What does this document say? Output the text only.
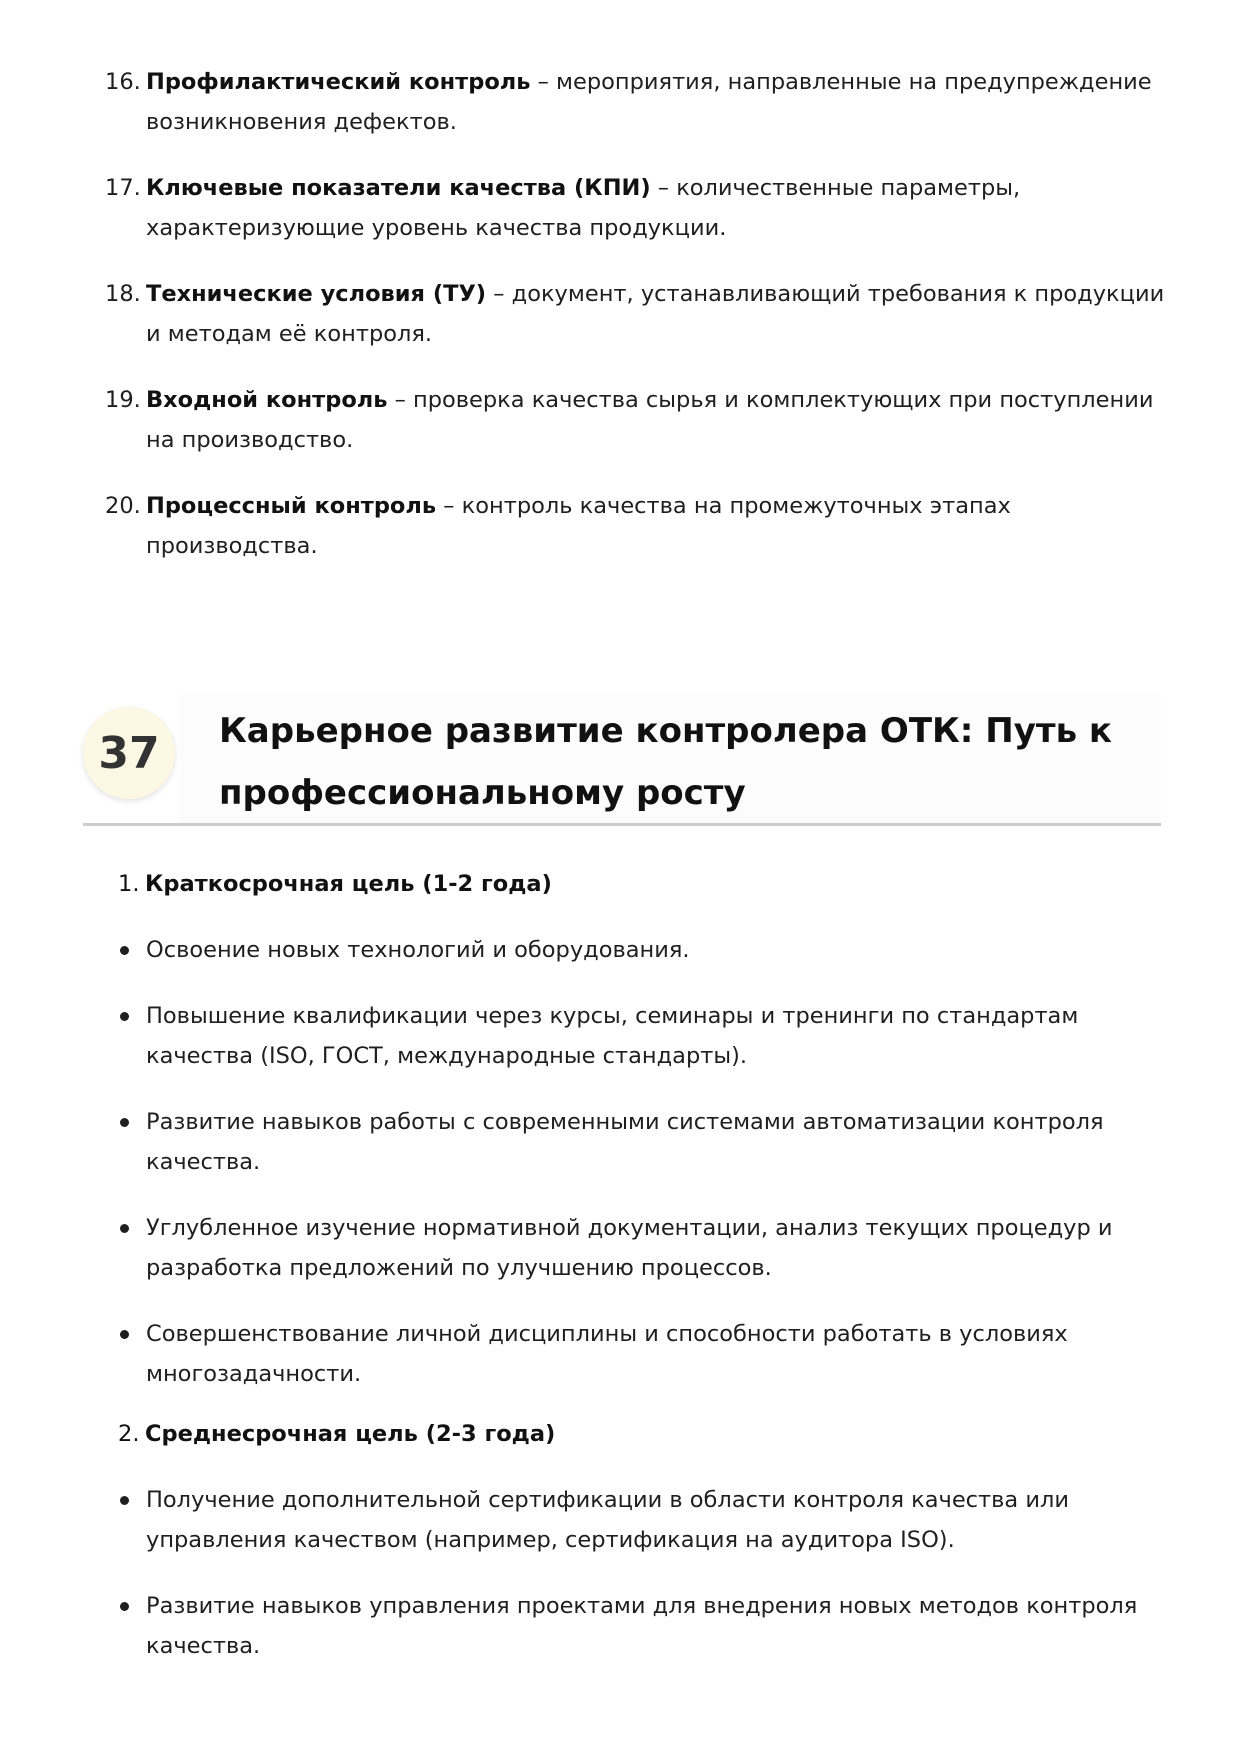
16. Профилактический контроль – мероприятия, направленные на предупреждение возникновения дефектов.
17. Ключевые показатели качества (КПИ) – количественные параметры, характеризующие уровень качества продукции.
18. Технические условия (ТУ) – документ, устанавливающий требования к продукции и методам её контроля.
19. Входной контроль – проверка качества сырья и комплектующих при поступлении на производство.
20. Процессный контроль – контроль качества на промежуточных этапах производства.
37	Карьерное развитие контролера ОТК: Путь к профессиональному росту
1. Краткосрочная цель (1-2 года)
Освоение новых технологий и оборудования.
Повышение квалификации через курсы, семинары и тренинги по стандартам качества (ISO, ГОСТ, международные стандарты).
Развитие навыков работы с современными системами автоматизации контроля качества.
Углубленное изучение нормативной документации, анализ текущих процедур и разработка предложений по улучшению процессов.
Совершенствование личной дисциплины и способности работать в условиях многозадачности.
2. Среднесрочная цель (2-3 года)
Получение дополнительной сертификации в области контроля качества или управления качеством (например, сертификация на аудитора ISO).
Развитие навыков управления проектами для внедрения новых методов контроля качества.
